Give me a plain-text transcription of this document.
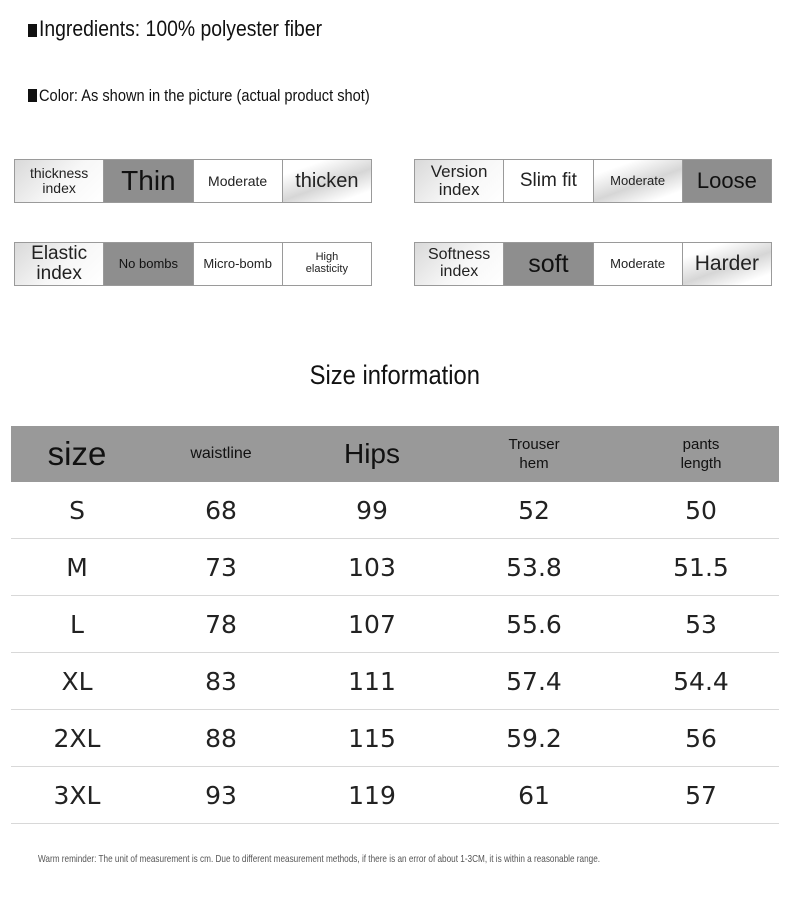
Ingredients: 100% polyester fiber
Color: As shown in the picture (actual product shot)
thickness index	Thin Moderate thicken	Version index	Slim fit	Moderate Loose
Elastic index	No bombs Micro-bomb	High elasticity
Softness index	soft	Moderate Harder
Size information
size	waistline	Hips	Trouser hem	pants length
S	68	99	52	50
M	73	103	53.8	51.5
L	78	107	55.6	53
XL	83	111	57.4	54.4
2XL	88	115	59.2	56
3XL	93	119	61	57
Warm reminder: The unit of measurement is cm. Due to different measurement methods, if there is an error of about 1-3CM, it is within a reasonable range.
